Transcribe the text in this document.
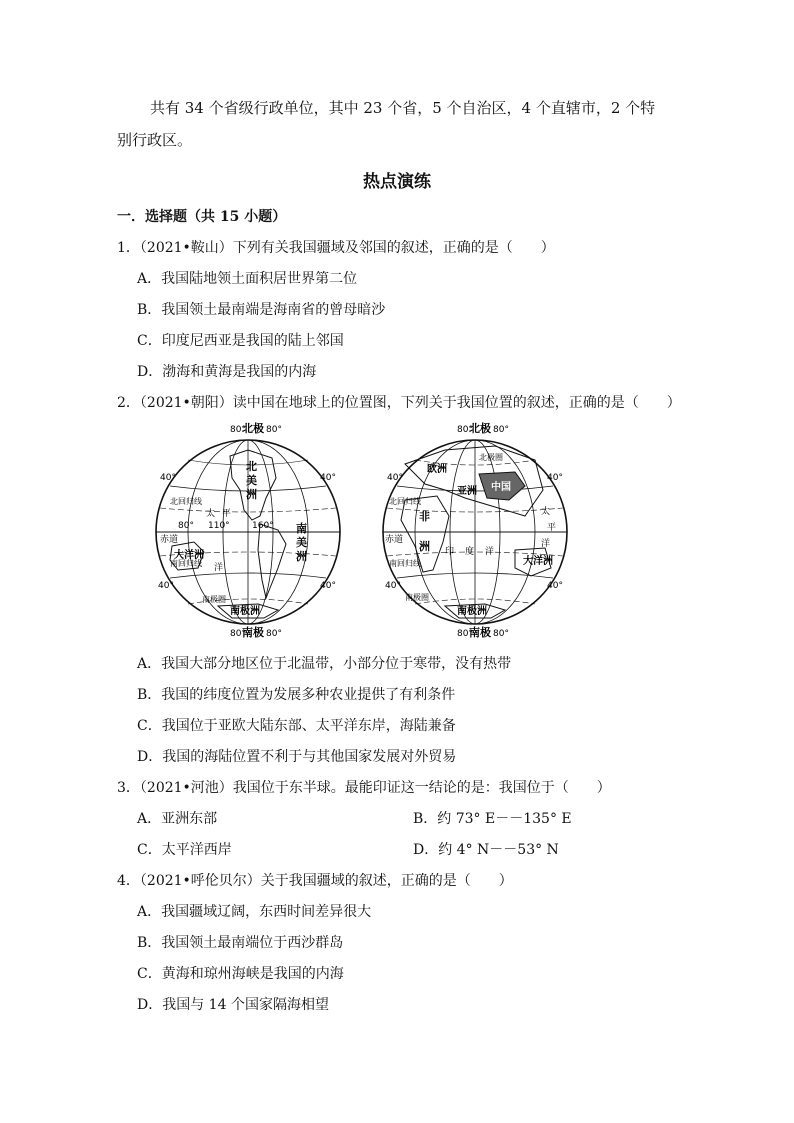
共有 34 个省级行政单位，其中 23 个省，5 个自治区，4 个直辖市，2 个特
别行政区。
热点演练
一．选择题（共 15 小题）
1．（2021•鞍山）下列有关我国疆域及邻国的叙述，正确的是（　　）
A．我国陆地领土面积居世界第二位
B．我国领土最南端是海南省的曾母暗沙
C．印度尼西亚是我国的陆上邻国
D．渤海和黄海是我国的内海
2．（2021•朝阳）读中国在地球上的位置图，下列关于我国位置的叙述，正确的是（　　）
80°
北极 80°
北
美
洲
南
美
洲
大洋洲
南极洲
太 平
洋
40°	40°
40°	40°
80° 110° 160°
赤道
北回归线
南回归线
南极圈
80°
南极 80°
80°
北极 80°
欧洲
亚洲 中国
非
洲
大洋洲
南极洲
印 度 洋
太
平
洋
40°	40°
40°	40°
赤道
北回归线
南回归线
北极圈
南极圈
80°
南极 80°
A．我国大部分地区位于北温带，小部分位于寒带，没有热带
B．我国的纬度位置为发展多种农业提供了有利条件
C．我国位于亚欧大陆东部、太平洋东岸，海陆兼备
D．我国的海陆位置不利于与其他国家发展对外贸易
3．（2021•河池）我国位于东半球。最能印证这一结论的是：我国位于（　　）
A．亚洲东部	B．约 73° E－－135° E
C．太平洋西岸	D．约 4° N－－53° N
4．（2021•呼伦贝尔）关于我国疆域的叙述，正确的是（　　）
A．我国疆域辽阔，东西时间差异很大
B．我国领土最南端位于西沙群岛
C．黄海和琼州海峡是我国的内海
D．我国与 14 个国家隔海相望
